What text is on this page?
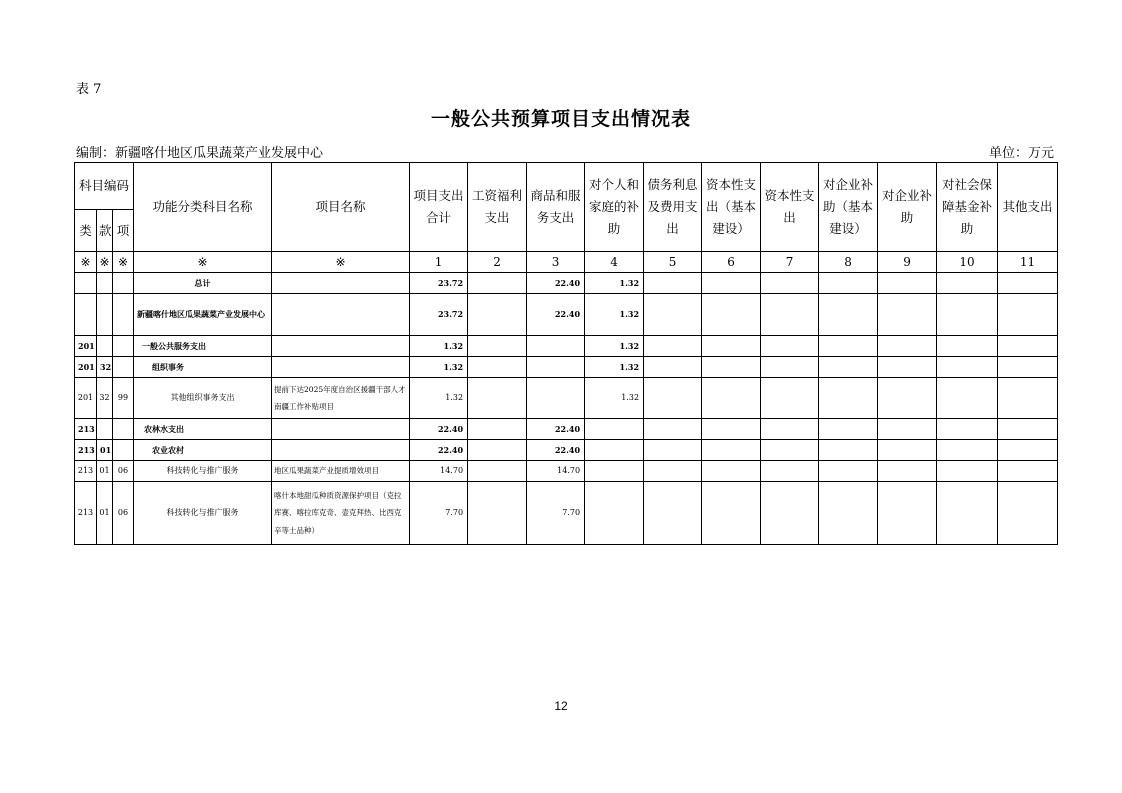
表 7
一般公共预算项目支出情况表
编制：新疆喀什地区瓜果蔬菜产业发展中心	单位：万元
科目编码			功能分类科目名称	项目名称	项目支出合计	工资福利支出	商品和服务支出	对个人和家庭的补助	债务利息及费用支出	资本性支出（基本建设）	资本性支出	对企业补助（基本建设）	对企业补助	对社会保障基金补助	其他支出
类	款	项													
※	※	※	※	※	1	2	3	4	5	6	7	8	9	10	11
			总计		23.72		22.40	1.32							
			新疆喀什地区瓜果蔬菜产业发展中心		23.72		22.40	1.32							
201			一般公共服务支出		1.32			1.32							
201	32		组织事务		1.32			1.32							
201	32	99	其他组织事务支出	提前下达2025年度自治区援疆干部人才南疆工作补贴项目	1.32			1.32							
213			农林水支出		22.40		22.40								
213	01		农业农村		22.40		22.40								
213	01	06	科技转化与推广服务	地区瓜果蔬菜产业提质增效项目	14.70		14.70								
213	01	06	科技转化与推广服务	喀什本地甜瓜种质资源保护项目（克拉库赛、喀拉库克奇、壶克拜热、比西克辛等土品种）	7.70		7.70								
12
